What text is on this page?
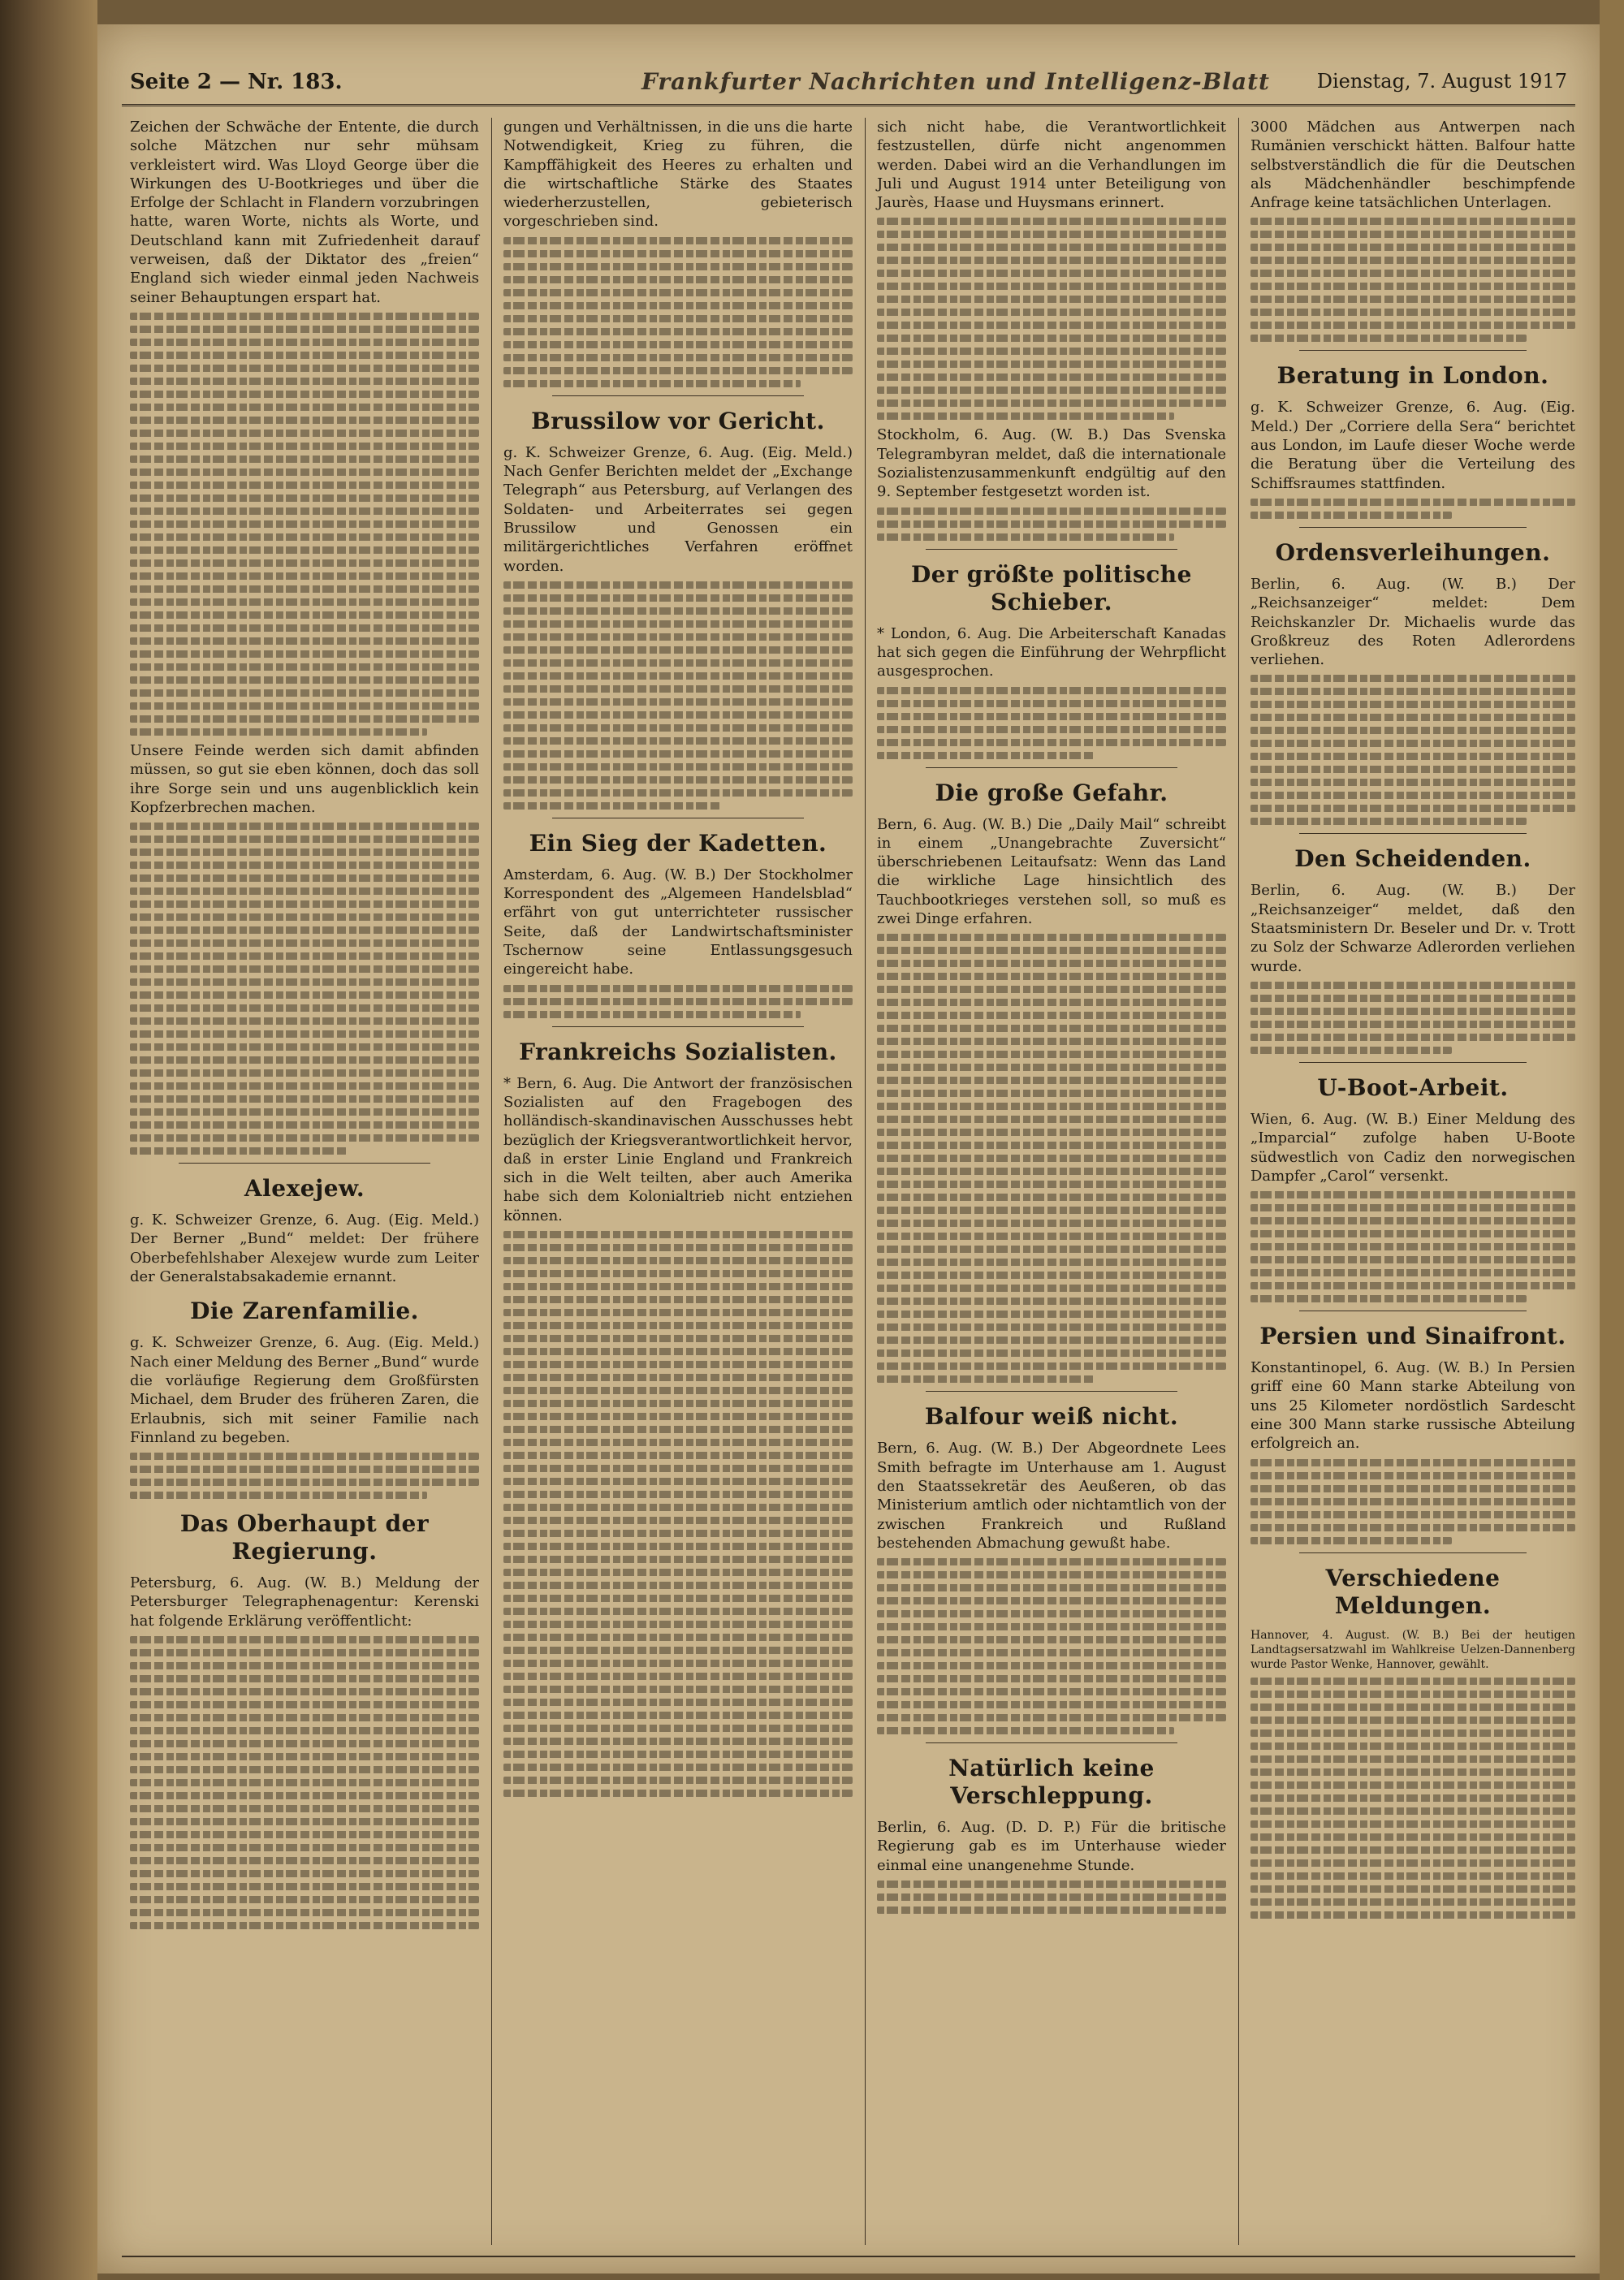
Seite 2 — Nr. 183.	Frankfurter Nachrichten und Intelligenz-Blatt Dienstag, 7. August 1917

Zeichen der Schwäche der Entente, die durch solche Mätzchen nur sehr mühsam verkleistert wird. Was Lloyd George über die Wirkungen des U-Bootkrieges und über die Erfolge der Schlacht in Flandern vorzubringen hatte, waren Worte, nichts als Worte, und Deutschland kann mit Zufriedenheit darauf verweisen, daß der Diktator des „freien“ England sich wieder einmal jeden Nachweis seiner Behauptungen erspart hat.

Unsere Feinde werden sich damit abfinden müssen, so gut sie eben können, doch das soll ihre Sorge sein und uns augenblicklich kein Kopfzerbrechen machen.

Alexejew.

g. K. Schweizer Grenze, 6. Aug. (Eig. Meld.) Der Berner „Bund“ meldet: Der frühere Oberbefehlshaber Alexejew wurde zum Leiter der Generalstabsakademie ernannt.

Die Zarenfamilie.

g. K. Schweizer Grenze, 6. Aug. (Eig. Meld.) Nach einer Meldung des Berner „Bund“ wurde die vorläufige Regierung dem Großfürsten Michael, dem Bruder des früheren Zaren, die Erlaubnis, sich mit seiner Familie nach Finnland zu begeben.

Das Oberhaupt der Regierung.

Petersburg, 6. Aug. (W. B.) Meldung der Petersburger Telegraphenagentur: Kerenski hat folgende Erklärung veröffentlicht:

gungen und Verhältnissen, in die uns die harte Notwendigkeit, Krieg zu führen, die Kampffähigkeit des Heeres zu erhalten und die wirtschaftliche Stärke des Staates wiederherzustellen, gebieterisch vorgeschrieben sind.

Brussilow vor Gericht.

g. K. Schweizer Grenze, 6. Aug. (Eig. Meld.) Nach Genfer Berichten meldet der „Exchange Telegraph“ aus Petersburg, auf Verlangen des Soldaten- und Arbeiterrates sei gegen Brussilow und Genossen ein militärgerichtliches Verfahren eröffnet worden.

Ein Sieg der Kadetten.

Amsterdam, 6. Aug. (W. B.) Der Stockholmer Korrespondent des „Algemeen Handelsblad“ erfährt von gut unterrichteter russischer Seite, daß der Landwirtschaftsminister Tschernow seine Entlassungsgesuch eingereicht habe.

Frankreichs Sozialisten.

* Bern, 6. Aug. Die Antwort der französischen Sozialisten auf den Fragebogen des holländisch-skandinavischen Ausschusses hebt bezüglich der Kriegsverantwortlichkeit hervor, daß in erster Linie England und Frankreich sich in die Welt teilten, aber auch Amerika habe sich dem Kolonialtrieb nicht entziehen können.

sich nicht habe, die Verantwortlichkeit festzustellen, dürfe nicht angenommen werden. Dabei wird an die Verhandlungen im Juli und August 1914 unter Beteiligung von Jaurès, Haase und Huysmans erinnert.

Stockholm, 6. Aug. (W. B.) Das Svenska Telegrambyran meldet, daß die internationale Sozialistenzusammenkunft endgültig auf den 9. September festgesetzt worden ist.

Der größte politische Schieber.

* London, 6. Aug. Die Arbeiterschaft Kanadas hat sich gegen die Einführung der Wehrpflicht ausgesprochen.

Die große Gefahr.

Bern, 6. Aug. (W. B.) Die „Daily Mail“ schreibt in einem „Unangebrachte Zuversicht“ überschriebenen Leitaufsatz: Wenn das Land die wirkliche Lage hinsichtlich des Tauchbootkrieges verstehen soll, so muß es zwei Dinge erfahren.

Balfour weiß nicht.

Bern, 6. Aug. (W. B.) Der Abgeordnete Lees Smith befragte im Unterhause am 1. August den Staatssekretär des Aeußeren, ob das Ministerium amtlich oder nichtamtlich von der zwischen Frankreich und Rußland bestehenden Abmachung gewußt habe.

Natürlich keine Verschleppung.

Berlin, 6. Aug. (D. D. P.) Für die britische Regierung gab es im Unterhause wieder einmal eine unangenehme Stunde.

3000 Mädchen aus Antwerpen nach Rumänien verschickt hätten. Balfour hatte selbstverständlich die für die Deutschen als Mädchenhändler beschimpfende Anfrage keine tatsächlichen Unterlagen.

Beratung in London.

g. K. Schweizer Grenze, 6. Aug. (Eig. Meld.) Der „Corriere della Sera“ berichtet aus London, im Laufe dieser Woche werde die Beratung über die Verteilung des Schiffsraumes stattfinden.

Ordensverleihungen.

Berlin, 6. Aug. (W. B.) Der „Reichsanzeiger“ meldet: Dem Reichskanzler Dr. Michaelis wurde das Großkreuz des Roten Adlerordens verliehen.

Den Scheidenden.

Berlin, 6. Aug. (W. B.) Der „Reichsanzeiger“ meldet, daß den Staatsministern Dr. Beseler und Dr. v. Trott zu Solz der Schwarze Adlerorden verliehen wurde.

U-Boot-Arbeit.

Wien, 6. Aug. (W. B.) Einer Meldung des „Imparcial“ zufolge haben U-Boote südwestlich von Cadiz den norwegischen Dampfer „Carol“ versenkt.

Persien und Sinaifront.

Konstantinopel, 6. Aug. (W. B.) In Persien griff eine 60 Mann starke Abteilung von uns 25 Kilometer nordöstlich Sardescht eine 300 Mann starke russische Abteilung erfolgreich an.

Verschiedene Meldungen.

Hannover, 4. August. (W. B.) Bei der heutigen Landtagsersatzwahl im Wahlkreise Uelzen-Dannenberg wurde Pastor Wenke, Hannover, gewählt.
